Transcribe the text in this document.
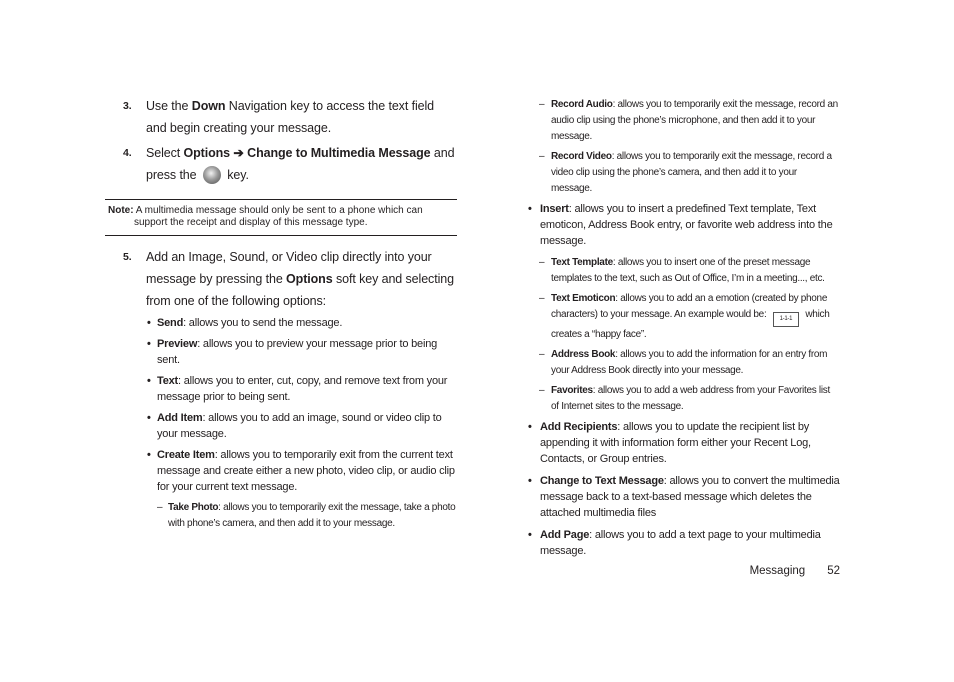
3. Use the Down Navigation key to access the text field and begin creating your message.
4. Select Options ➔ Change to Multimedia Message and press the  key.
Note: A multimedia message should only be sent to a phone which can
support the receipt and display of this message type.
5. Add an Image, Sound, or Video clip directly into your message by pressing the Options soft key and selecting from one of the following options:
• Send: allows you to send the message.
• Preview: allows you to preview your message prior to being sent.
• Text: allows you to enter, cut, copy, and remove text from your message prior to being sent.
• Add Item: allows you to add an image, sound or video clip to your message.
• Create Item: allows you to temporarily exit from the current text message and create either a new photo, video clip, or audio clip for your current text message.
– Take Photo: allows you to temporarily exit the message, take a photo with phone’s camera, and then add it to your message.
– Record Audio: allows you to temporarily exit the message, record an audio clip using the phone’s microphone, and then add it to your message.
– Record Video: allows you to temporarily exit the message, record a video clip using the phone’s camera, and then add it to your message.
• Insert: allows you to insert a predefined Text template, Text emoticon, Address Book entry, or favorite web address into the message.
– Text Template: allows you to insert one of the preset message templates to the text, such as Out of Office, I’m in a meeting..., etc.
– Text Emoticon: allows you to add an a emotion (created by phone characters) to your message. An example would be: 1-1-1 which creates a “happy face”.
– Address Book: allows you to add the information for an entry from your Address Book directly into your message.
– Favorites: allows you to add a web address from your Favorites list of Internet sites to the message.
• Add Recipients: allows you to update the recipient list by appending it with information form either your Recent Log, Contacts, or Group entries.
• Change to Text Message: allows you to convert the multimedia message back to a text-based message which deletes the attached multimedia files
• Add Page: allows you to add a text page to your multimedia message.
Messaging 52
